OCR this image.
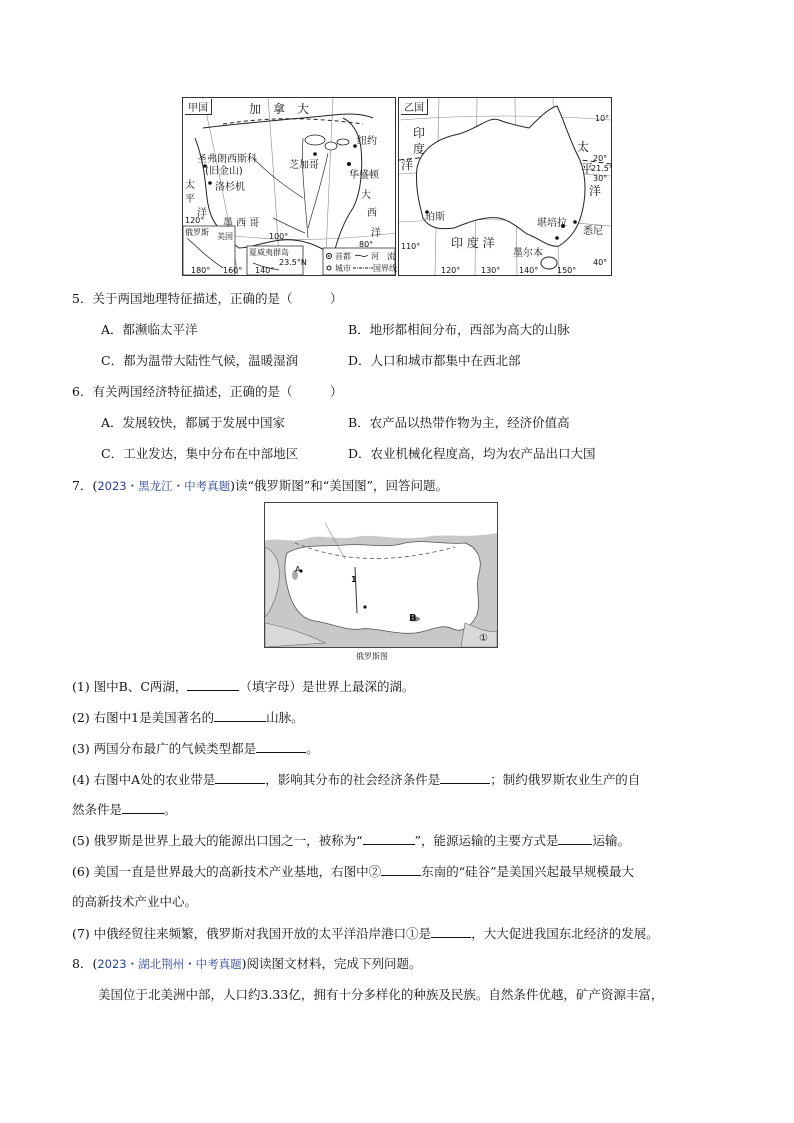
甲国	加　拿　大
圣弗朗西斯科
(旧金山)
洛杉机
芝加哥
纽约
华盛顿
墨 西 哥
太
平
洋
大
西
洋
120°
100°
80°
俄罗斯 美国
夏威夷群岛
23.5°N
180° 160° 140°
首都
城市
河　流
国界线
乙国
印
度
洋
珀斯
堪培拉
悉尼
墨尔本
印 度 洋
太
平
洋
10°
20°
21.5°
30°
40°
110°
120°	130° 140° 150°
5．关于两国地理特征描述，正确的是（　　　）
A．都濒临太平洋	B．地形都相间分布，西部为高大的山脉
C．都为温带大陆性气候，温暖湿润	D．人口和城市都集中在西北部
6．有关两国经济特征描述，正确的是（　　　）
A．发展较快，都属于发展中国家	B．农产品以热带作物为主，经济价值高
C．工业发达，集中分布在中部地区	D．农业机械化程度高，均为农产品出口大国
7．(2023・黑龙江・中考真题)读“俄罗斯图”和“美国图”，回答问题。
A
B
1
①
俄罗斯图
(1) 图中B、C两湖，	（填字母）是世界上最深的湖。
(2) 右图中1是美国著名的	山脉。
(3) 两国分布最广的气候类型都是	。
(4) 右图中A处的农业带是	，影响其分布的社会经济条件是	；制约俄罗斯农业生产的自
然条件是	。
(5) 俄罗斯是世界上最大的能源出口国之一，被称为“	”，能源运输的主要方式是	运输。
(6) 美国一直是世界最大的高新技术产业基地，右图中②	东南的“硅谷”是美国兴起最早规模最大
的高新技术产业中心。
(7) 中俄经贸往来频繁，俄罗斯对我国开放的太平洋沿岸港口①是	，大大促进我国东北经济的发展。
8．(2023・湖北荆州・中考真题)阅读图文材料，完成下列问题。
美国位于北美洲中部，人口约3.33亿，拥有十分多样化的种族及民族。自然条件优越，矿产资源丰富，
